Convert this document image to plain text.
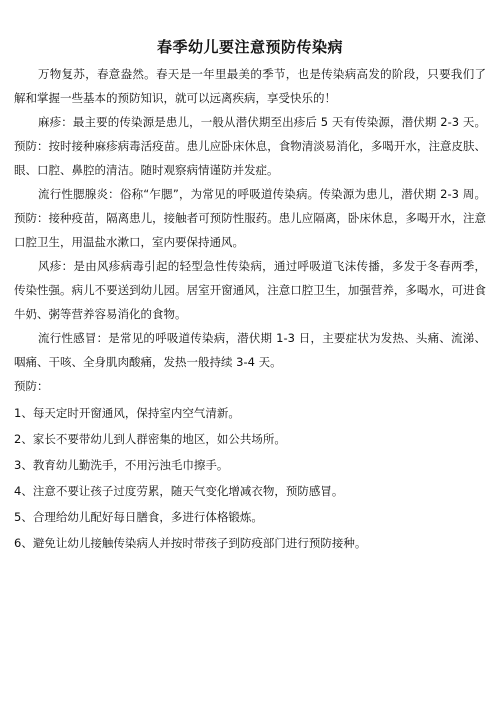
春季幼儿要注意预防传染病

万物复苏，春意盎然。春天是一年里最美的季节，也是传染病高发的阶段，只要我们了解和掌握一些基本的预防知识，就可以远离疾病，享受快乐的！

麻疹：最主要的传染源是患儿，一般从潜伏期至出疹后 5 天有传染源，潜伏期 2-3 天。预防：按时接种麻疹病毒活疫苗。患儿应卧床休息，食物清淡易消化，多喝开水，注意皮肤、眼、口腔、鼻腔的清洁。随时观察病情谨防并发症。

流行性腮腺炎：俗称“乍腮”，为常见的呼吸道传染病。传染源为患儿，潜伏期 2-3 周。预防：接种疫苗，隔离患儿，接触者可预防性服药。患儿应隔离，卧床休息，多喝开水，注意口腔卫生，用温盐水漱口，室内要保持通风。

风疹：是由风疹病毒引起的轻型急性传染病，通过呼吸道飞沫传播，多发于冬春两季，传染性强。病儿不要送到幼儿园。居室开窗通风，注意口腔卫生，加强营养，多喝水，可进食牛奶、粥等营养容易消化的食物。

流行性感冒：是常见的呼吸道传染病，潜伏期 1-3 日，主要症状为发热、头痛、流涕、咽痛、干咳、全身肌肉酸痛，发热一般持续 3-4 天。

预防：

1、每天定时开窗通风，保持室内空气清新。
2、家长不要带幼儿到人群密集的地区，如公共场所。
3、教育幼儿勤洗手，不用污浊毛巾擦手。
4、注意不要让孩子过度劳累，随天气变化增减衣物，预防感冒。
5、合理给幼儿配好每日膳食，多进行体格锻炼。
6、避免让幼儿接触传染病人并按时带孩子到防疫部门进行预防接种。
